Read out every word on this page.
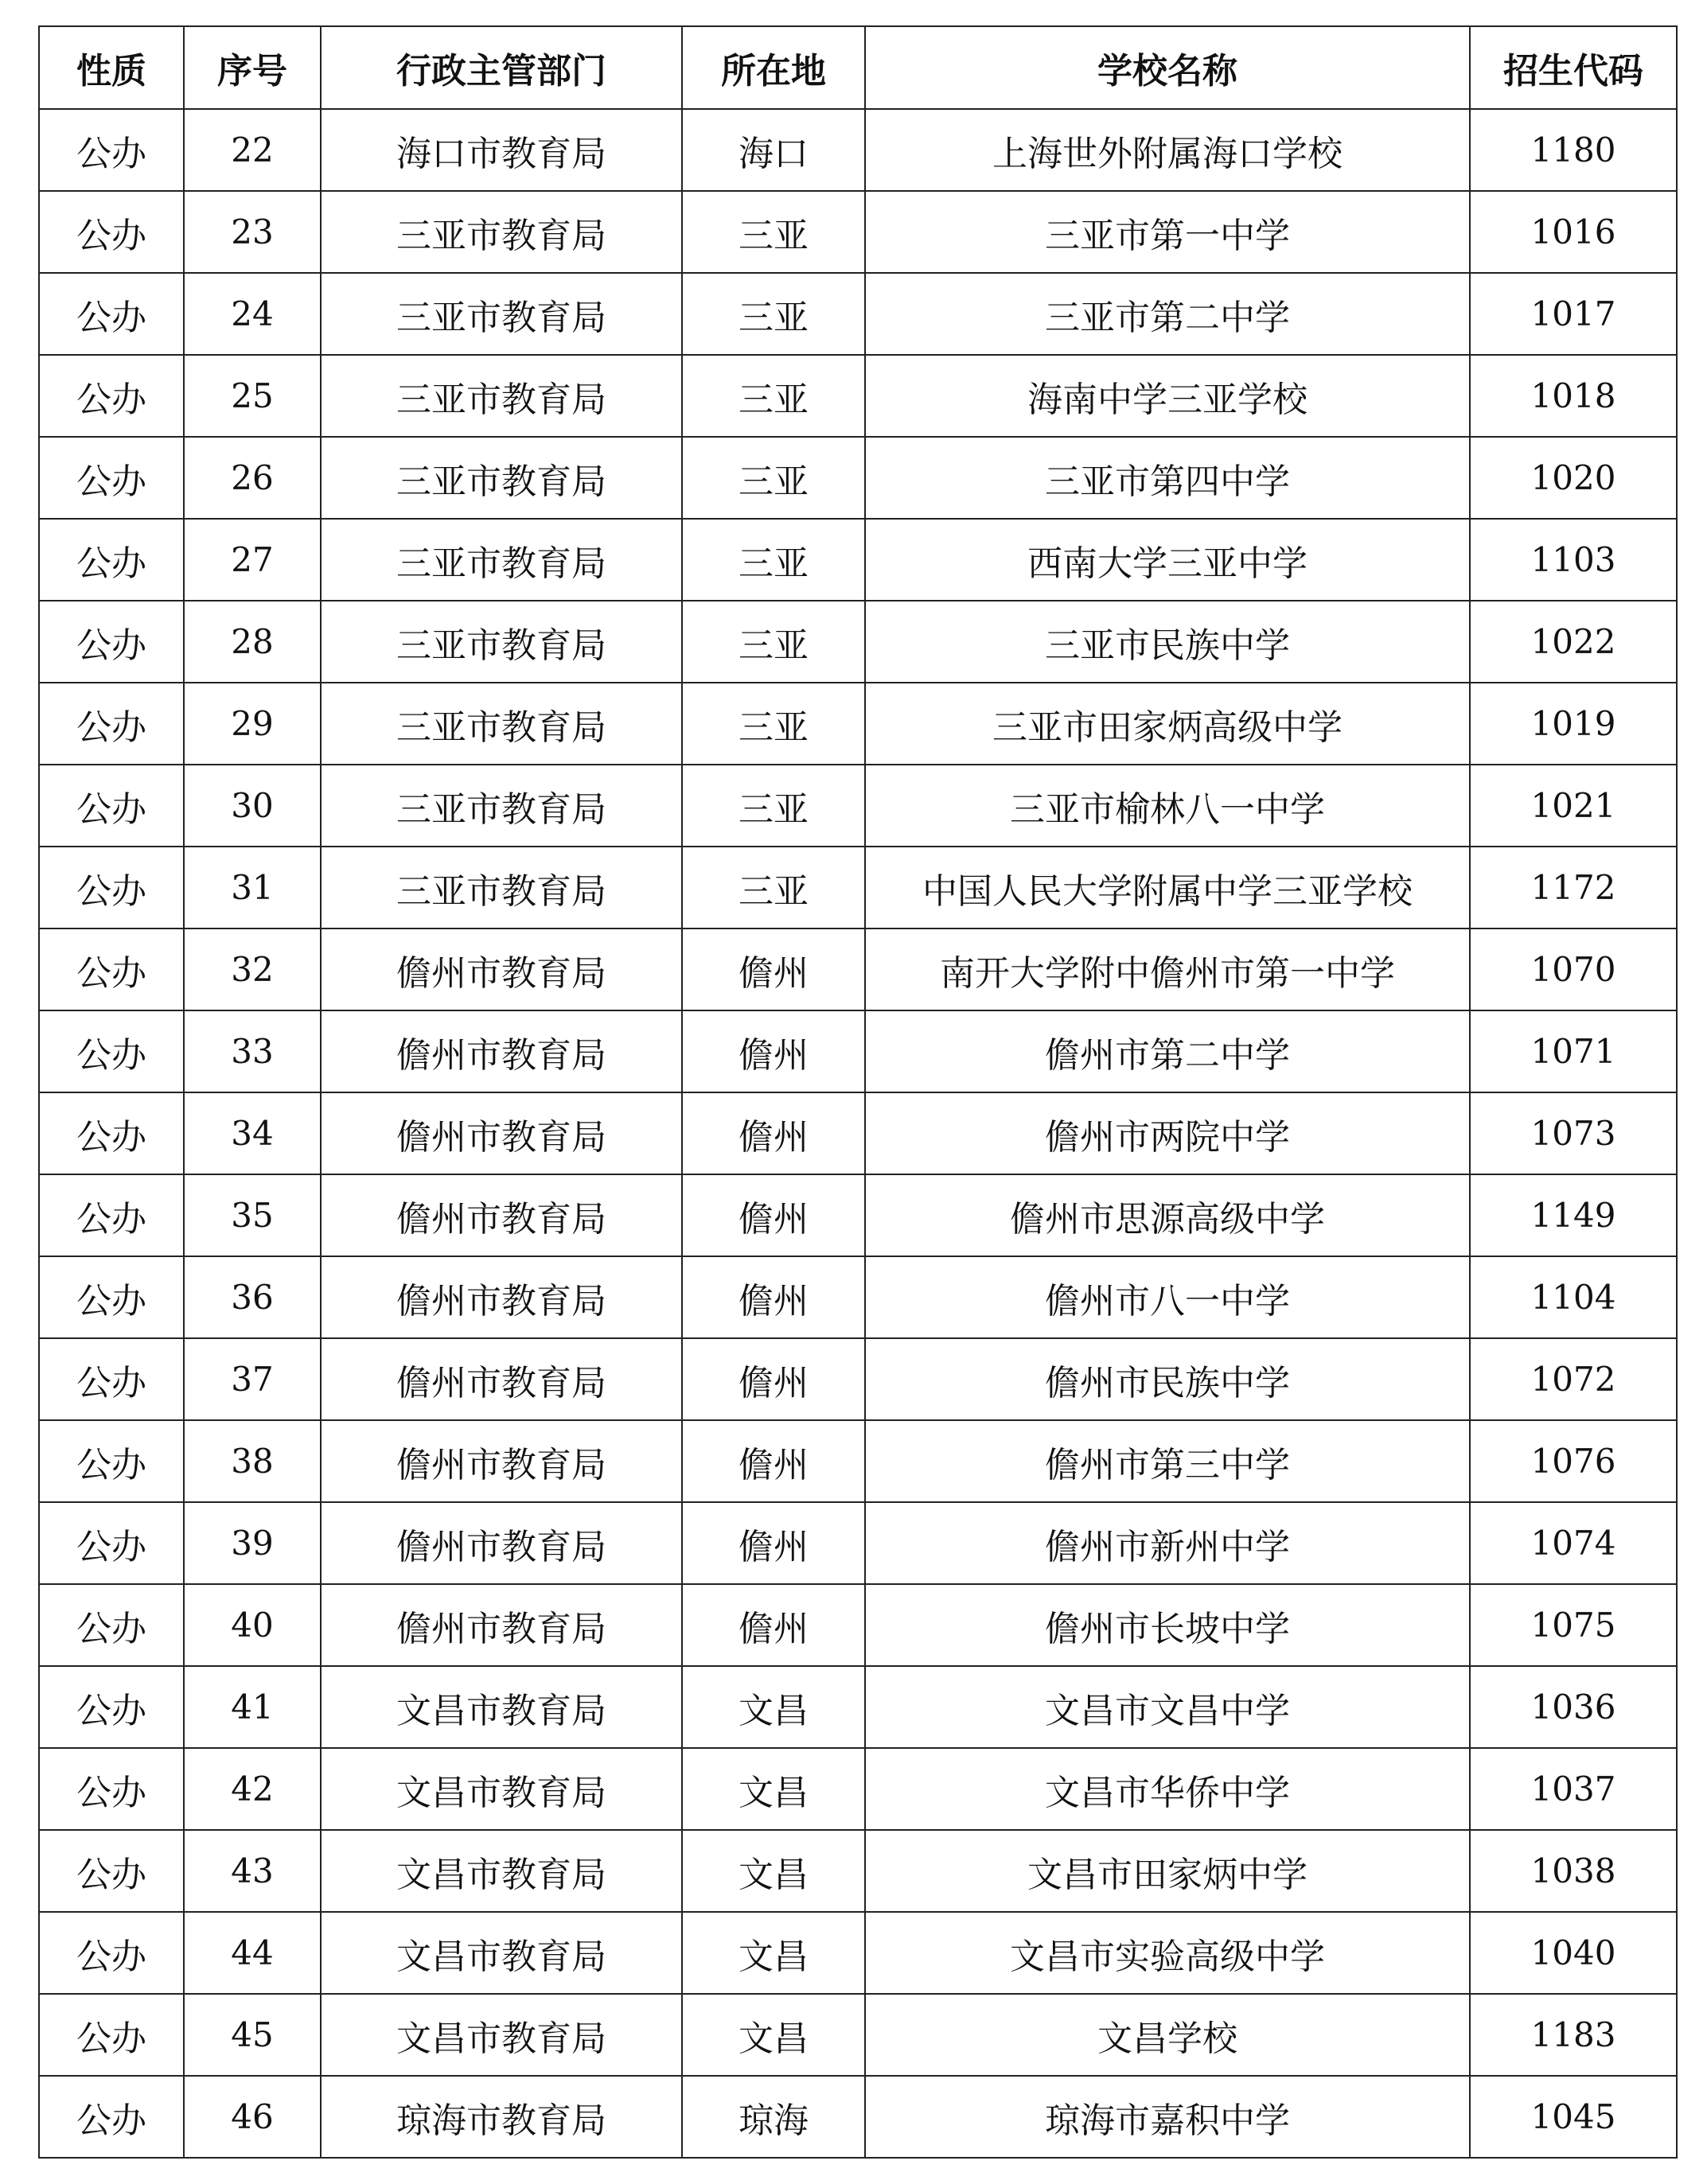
性质	序号	行政主管部门	所在地	学校名称	招生代码
公办	22	海口市教育局	海口	上海世外附属海口学校	1180
公办	23	三亚市教育局	三亚	三亚市第一中学	1016
公办	24	三亚市教育局	三亚	三亚市第二中学	1017
公办	25	三亚市教育局	三亚	海南中学三亚学校	1018
公办	26	三亚市教育局	三亚	三亚市第四中学	1020
公办	27	三亚市教育局	三亚	西南大学三亚中学	1103
公办	28	三亚市教育局	三亚	三亚市民族中学	1022
公办	29	三亚市教育局	三亚	三亚市田家炳高级中学	1019
公办	30	三亚市教育局	三亚	三亚市榆林八一中学	1021
公办	31	三亚市教育局	三亚	中国人民大学附属中学三亚学校	1172
公办	32	儋州市教育局	儋州	南开大学附中儋州市第一中学	1070
公办	33	儋州市教育局	儋州	儋州市第二中学	1071
公办	34	儋州市教育局	儋州	儋州市两院中学	1073
公办	35	儋州市教育局	儋州	儋州市思源高级中学	1149
公办	36	儋州市教育局	儋州	儋州市八一中学	1104
公办	37	儋州市教育局	儋州	儋州市民族中学	1072
公办	38	儋州市教育局	儋州	儋州市第三中学	1076
公办	39	儋州市教育局	儋州	儋州市新州中学	1074
公办	40	儋州市教育局	儋州	儋州市长坡中学	1075
公办	41	文昌市教育局	文昌	文昌市文昌中学	1036
公办	42	文昌市教育局	文昌	文昌市华侨中学	1037
公办	43	文昌市教育局	文昌	文昌市田家炳中学	1038
公办	44	文昌市教育局	文昌	文昌市实验高级中学	1040
公办	45	文昌市教育局	文昌	文昌学校	1183
公办	46	琼海市教育局	琼海	琼海市嘉积中学	1045
